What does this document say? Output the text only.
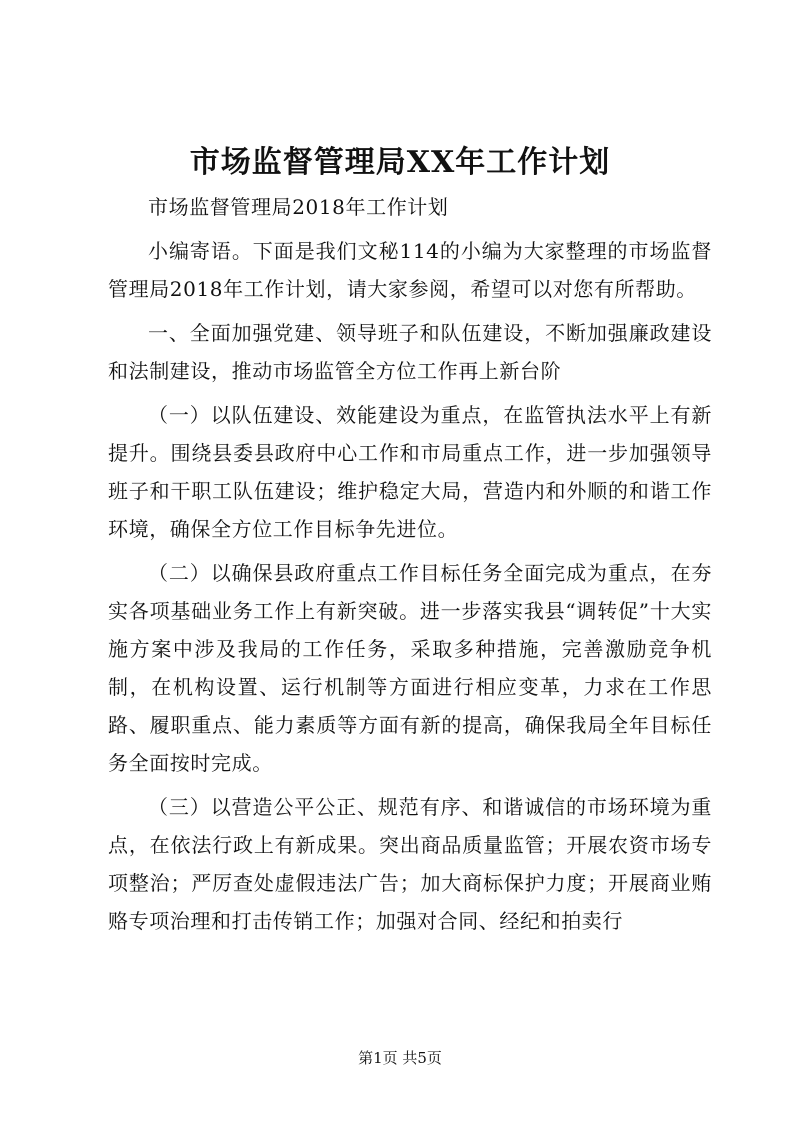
市场监督管理局XX年工作计划

市场监督管理局2018年工作计划

小编寄语。下面是我们文秘114的小编为大家整理的市场监督管理局2018年工作计划，请大家参阅，希望可以对您有所帮助。

一、全面加强党建、领导班子和队伍建设，不断加强廉政建设和法制建设，推动市场监管全方位工作再上新台阶

（一）以队伍建设、效能建设为重点，在监管执法水平上有新提升。围绕县委县政府中心工作和市局重点工作，进一步加强领导班子和干职工队伍建设；维护稳定大局，营造内和外顺的和谐工作环境，确保全方位工作目标争先进位。

（二）以确保县政府重点工作目标任务全面完成为重点，在夯实各项基础业务工作上有新突破。进一步落实我县“调转促”十大实施方案中涉及我局的工作任务，采取多种措施，完善激励竞争机制，在机构设置、运行机制等方面进行相应变革，力求在工作思路、履职重点、能力素质等方面有新的提高，确保我局全年目标任务全面按时完成。

（三）以营造公平公正、规范有序、和谐诚信的市场环境为重点，在依法行政上有新成果。突出商品质量监管；开展农资市场专项整治；严厉查处虚假违法广告；加大商标保护力度；开展商业贿赂专项治理和打击传销工作；加强对合同、经纪和拍卖行

第1页 共5页
